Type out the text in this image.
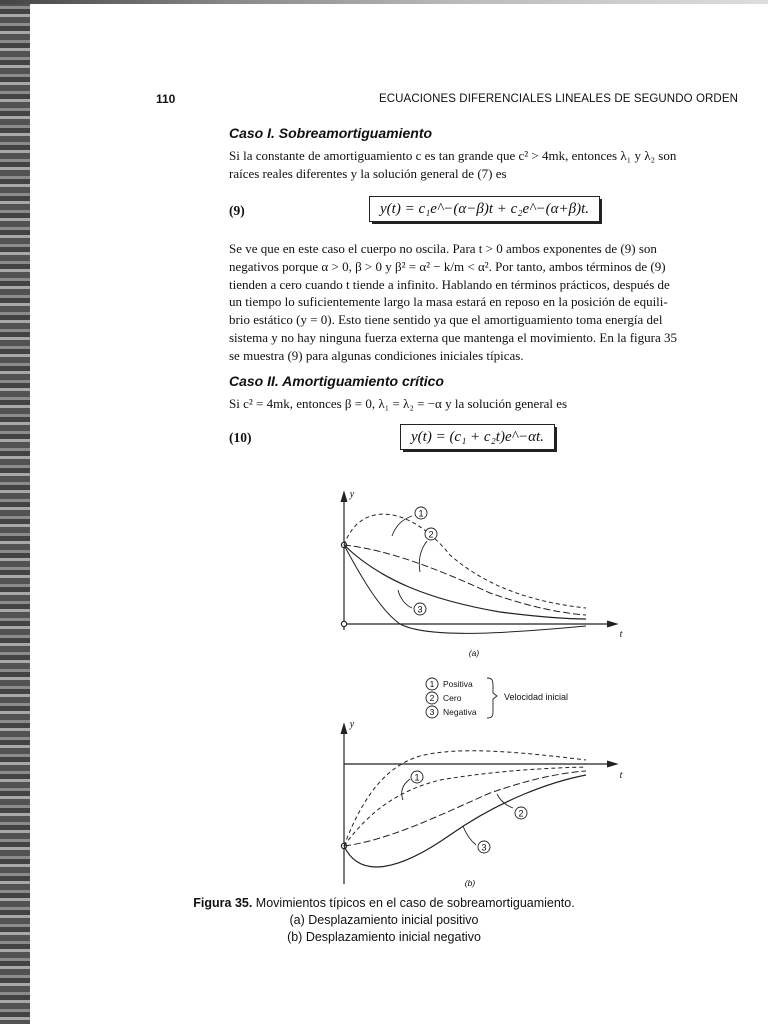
110	ECUACIONES DIFERENCIALES LINEALES DE SEGUNDO ORDEN
Caso I. Sobreamortiguamiento
Si la constante de amortiguamiento c es tan grande que c² > 4mk, entonces λ₁ y λ₂ son
raíces reales diferentes y la solución general de (7) es
(9)	y(t) = c₁e^−(α−β)t + c₂e^−(α+β)t.
Se ve que en este caso el cuerpo no oscila. Para t > 0 ambos exponentes de (9) son
negativos porque α > 0, β > 0 y β² = α² − k/m < α². Por tanto, ambos términos de (9)
tienden a cero cuando t tiende a infinito. Hablando en términos prácticos, después de
un tiempo lo suficientemente largo la masa estará en reposo en la posición de equili-
brio estático (y = 0). Esto tiene sentido ya que el amortiguamiento toma energía del
sistema y no hay ninguna fuerza externa que mantenga el movimiento. En la figura 35
se muestra (9) para algunas condiciones iniciales típicas.
Caso II. Amortiguamiento crítico
Si c² = 4mk, entonces β = 0, λ₁ = λ₂ = −α y la solución general es
(10)	y(t) = (c₁ + c₂t)e^−αt.
1
2
3
y
t
(a)
1
2
3
Positiva
Cero
Negativa
Velocidad inicial
1
2
3
y
t
(b)
Figura 35. Movimientos típicos en el caso de sobreamortiguamiento.
(a) Desplazamiento inicial positivo
(b) Desplazamiento inicial negativo
